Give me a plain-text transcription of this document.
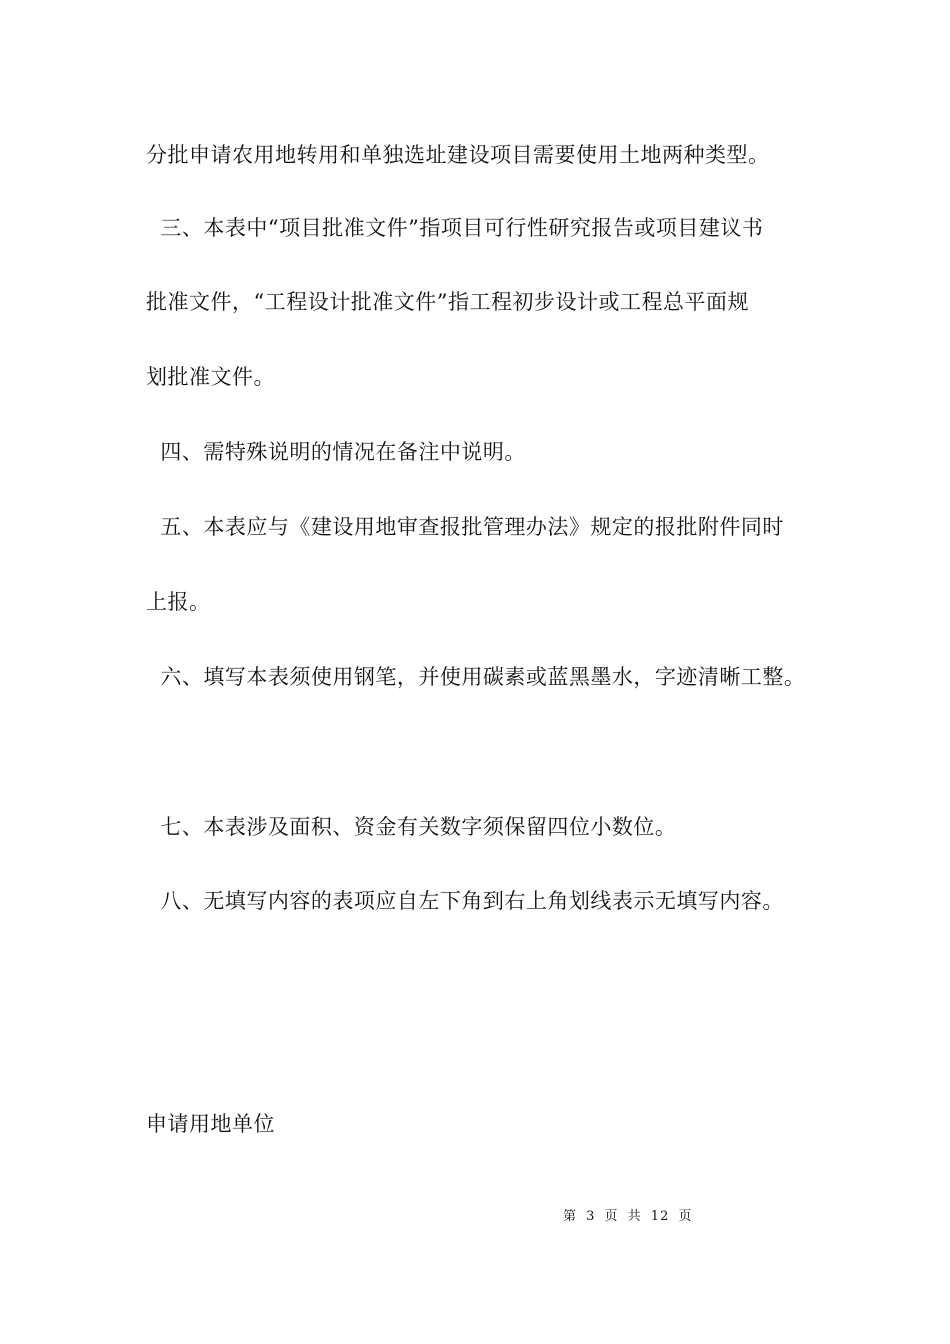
分批申请农用地转用和单独选址建设项目需要使用土地两种类型。
三、本表中“项目批准文件”指项目可行性研究报告或项目建议书
批准文件，“工程设计批准文件”指工程初步设计或工程总平面规
划批准文件。
四、需特殊说明的情况在备注中说明。
五、本表应与《建设用地审查报批管理办法》规定的报批附件同时
上报。
六、填写本表须使用钢笔，并使用碳素或蓝黑墨水，字迹清晰工整。
七、本表涉及面积、资金有关数字须保留四位小数位。
八、无填写内容的表项应自左下角到右上角划线表示无填写内容。
申请用地单位
第 3 页 共 12 页
